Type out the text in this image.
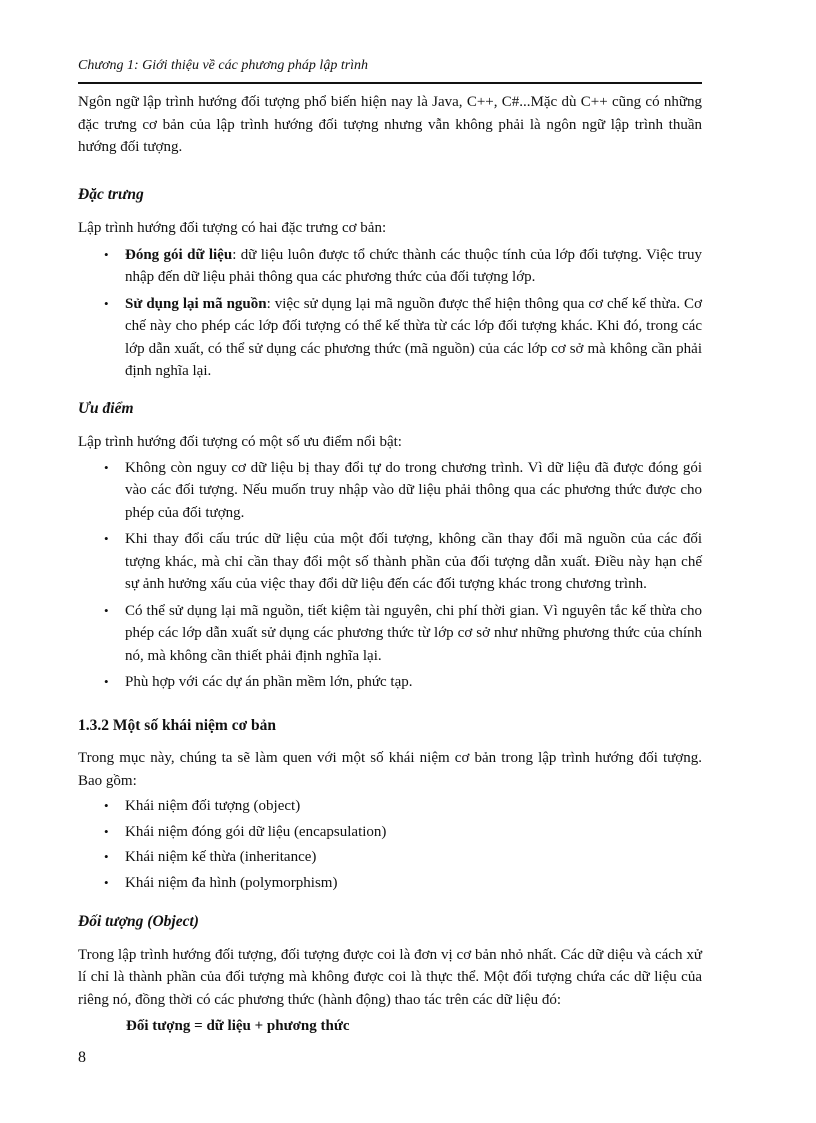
Chương 1: Giới thiệu về các phương pháp lập trình

Ngôn ngữ lập trình hướng đối tượng phổ biến hiện nay là Java, C++, C#...Mặc dù C++ cũng có những đặc trưng cơ bản của lập trình hướng đối tượng nhưng vẫn không phải là ngôn ngữ lập trình thuần hướng đối tượng.

Đặc trưng

Lập trình hướng đối tượng có hai đặc trưng cơ bản:

• Đóng gói dữ liệu: dữ liệu luôn được tổ chức thành các thuộc tính của lớp đối tượng. Việc truy nhập đến dữ liệu phải thông qua các phương thức của đối tượng lớp.
• Sử dụng lại mã nguồn: việc sử dụng lại mã nguồn được thể hiện thông qua cơ chế kế thừa. Cơ chế này cho phép các lớp đối tượng có thể kế thừa từ các lớp đối tượng khác. Khi đó, trong các lớp dẫn xuất, có thể sử dụng các phương thức (mã nguồn) của các lớp cơ sở mà không cần phải định nghĩa lại.

Ưu điểm

Lập trình hướng đối tượng có một số ưu điểm nổi bật:

• Không còn nguy cơ dữ liệu bị thay đổi tự do trong chương trình. Vì dữ liệu đã được đóng gói vào các đối tượng. Nếu muốn truy nhập vào dữ liệu phải thông qua các phương thức được cho phép của đối tượng.
• Khi thay đổi cấu trúc dữ liệu của một đối tượng, không cần thay đổi mã nguồn của các đối tượng khác, mà chỉ cần thay đổi một số thành phần của đối tượng dẫn xuất. Điều này hạn chế sự ảnh hưởng xấu của việc thay đổi dữ liệu đến các đối tượng khác trong chương trình.
• Có thể sử dụng lại mã nguồn, tiết kiệm tài nguyên, chi phí thời gian. Vì nguyên tắc kế thừa cho phép các lớp dẫn xuất sử dụng các phương thức từ lớp cơ sở như những phương thức của chính nó, mà không cần thiết phải định nghĩa lại.
• Phù hợp với các dự án phần mềm lớn, phức tạp.

1.3.2 Một số khái niệm cơ bản

Trong mục này, chúng ta sẽ làm quen với một số khái niệm cơ bản trong lập trình hướng đối tượng. Bao gồm:

• Khái niệm đối tượng (object)
• Khái niệm đóng gói dữ liệu (encapsulation)
• Khái niệm kế thừa (inheritance)
• Khái niệm đa hình (polymorphism)

Đối tượng (Object)

Trong lập trình hướng đối tượng, đối tượng được coi là đơn vị cơ bản nhỏ nhất. Các dữ diệu và cách xử lí chỉ là thành phần của đối tượng mà không được coi là thực thể. Một đối tượng chứa các dữ liệu của riêng nó, đồng thời có các phương thức (hành động) thao tác trên các dữ liệu đó:

Đối tượng = dữ liệu + phương thức

8
